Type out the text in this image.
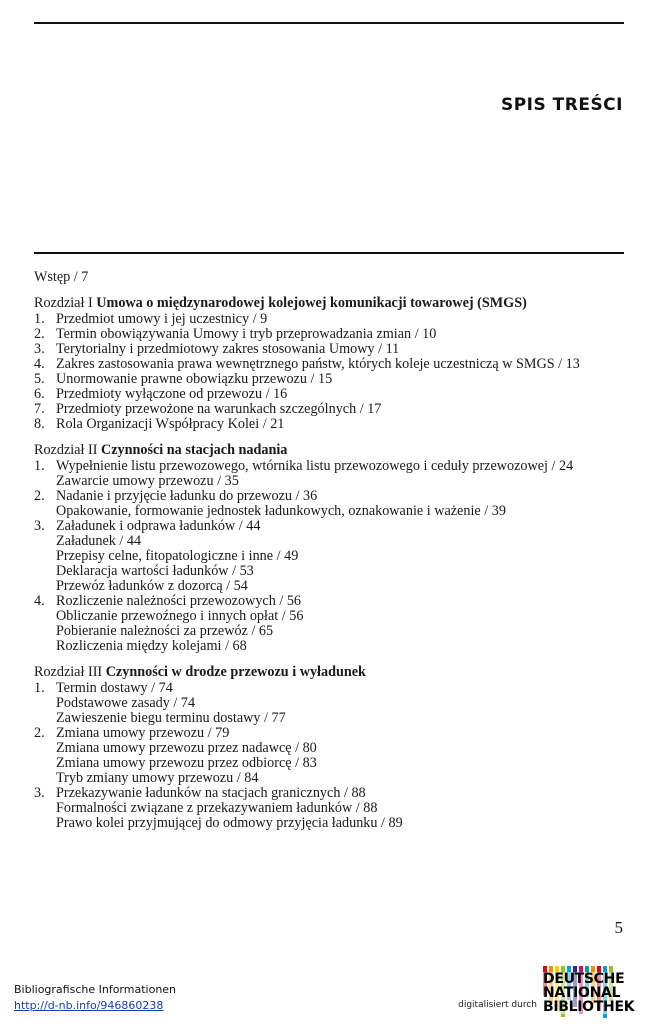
SPIS TREŚCI
Wstęp / 7
Rozdział I Umowa o międzynarodowej kolejowej komunikacji towarowej (SMGS)
1. Przedmiot umowy i jej uczestnicy / 9
2. Termin obowiązywania Umowy i tryb przeprowadzania zmian / 10
3. Terytorialny i przedmiotowy zakres stosowania Umowy / 11
4. Zakres zastosowania prawa wewnętrznego państw, których koleje uczestniczą w SMGS / 13
5. Unormowanie prawne obowiązku przewozu / 15
6. Przedmioty wyłączone od przewozu / 16
7. Przedmioty przewożone na warunkach szczególnych / 17
8. Rola Organizacji Współpracy Kolei / 21
Rozdział II Czynności na stacjach nadania
1. Wypełnienie listu przewozowego, wtórnika listu przewozowego i ceduły przewozowej / 24
Zawarcie umowy przewozu / 35
2. Nadanie i przyjęcie ładunku do przewozu / 36
Opakowanie, formowanie jednostek ładunkowych, oznakowanie i ważenie / 39
3. Załadunek i odprawa ładunków / 44
Załadunek / 44
Przepisy celne, fitopatologiczne i inne / 49
Deklaracja wartości ładunków / 53
Przewóz ładunków z dozorcą / 54
4. Rozliczenie należności przewozowych / 56
Obliczanie przewoźnego i innych opłat / 56
Pobieranie należności za przewóz / 65
Rozliczenia między kolejami / 68
Rozdział III Czynności w drodze przewozu i wyładunek
1. Termin dostawy / 74
Podstawowe zasady / 74
Zawieszenie biegu terminu dostawy / 77
2. Zmiana umowy przewozu / 79
Zmiana umowy przewozu przez nadawcę / 80
Zmiana umowy przewozu przez odbiorcę / 83
Tryb zmiany umowy przewozu / 84
3. Przekazywanie ładunków na stacjach granicznych / 88
Formalności związane z przekazywaniem ładunków / 88
Prawo kolei przyjmującej do odmowy przyjęcia ładunku / 89
5
Bibliografische Informationen
http://d-nb.info/946860238	digitalisiert durch
DEUTSCHE
NATIONAL
BIBLIOTHEK
